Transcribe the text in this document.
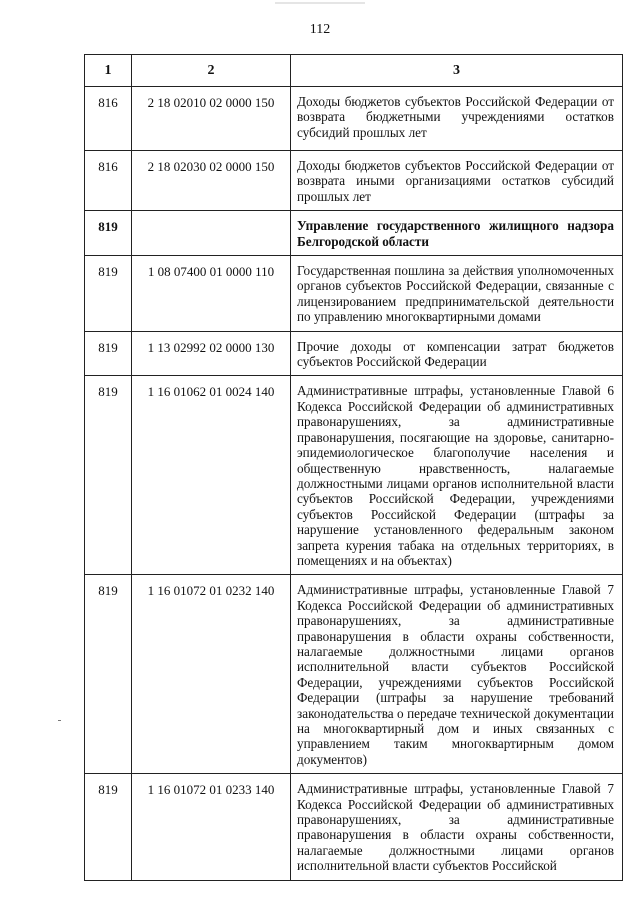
112
1	2	3
816	2 18 02010 02 0000 150	Доходы бюджетов субъектов Российской Федерации от возврата бюджетными учреждениями остатков субсидий прошлых лет
816	2 18 02030 02 0000 150	Доходы бюджетов субъектов Российской Федерации от возврата иными организациями остатков субсидий прошлых лет
819		Управление государственного жилищного надзора Белгородской области
819	1 08 07400 01 0000 110	Государственная пошлина за действия уполномоченных органов субъектов Российской Федерации, связанные с лицензированием предпринимательской деятельности по управлению многоквартирными домами
819	1 13 02992 02 0000 130	Прочие доходы от компенсации затрат бюджетов субъектов Российской Федерации
819	1 16 01062 01 0024 140	Административные штрафы, установленные Главой 6 Кодекса Российской Федерации об административных правонарушениях, за административные правонарушения, посягающие на здоровье, санитарно-эпидемиологическое благополучие населения и общественную нравственность, налагаемые должностными лицами органов исполнительной власти субъектов Российской Федерации, учреждениями субъектов Российской Федерации (штрафы за нарушение установленного федеральным законом запрета курения табака на отдельных территориях, в помещениях и на объектах)
819	1 16 01072 01 0232 140	Административные штрафы, установленные Главой 7 Кодекса Российской Федерации об административных правонарушениях, за административные правонарушения в области охраны собственности, налагаемые должностными лицами органов исполнительной власти субъектов Российской Федерации, учреждениями субъектов Российской Федерации (штрафы за нарушение требований законодательства о передаче технической документации на многоквартирный дом и иных связанных с управлением таким многоквартирным домом документов)
819	1 16 01072 01 0233 140	Административные штрафы, установленные Главой 7 Кодекса Российской Федерации об административных правонарушениях, за административные правонарушения в области охраны собственности, налагаемые должностными лицами органов исполнительной власти субъектов Российской
